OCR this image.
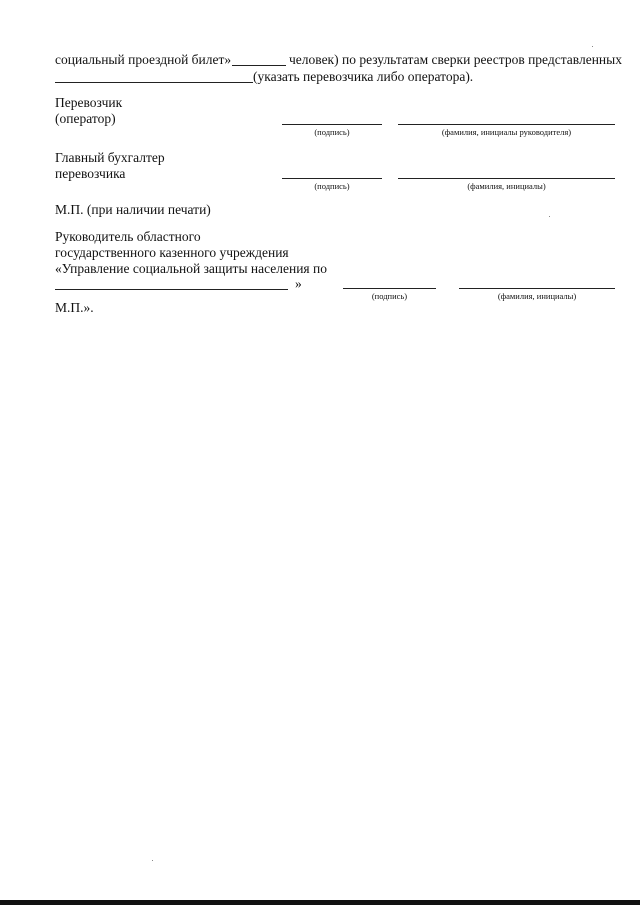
социальный проездной билет»	человек) по результатам сверки реестров представленных
(указать перевозчика либо оператора).
Перевозчик
(оператор)
(подпись)	(фамилия, инициалы руководителя)
Главный бухгалтер
перевозчика
(подпись)	(фамилия, инициалы)
М.П. (при наличии печати)
Руководитель областного
государственного казенного учреждения
«Управление социальной защиты населения по
»
(подпись)	(фамилия, инициалы)
М.П.».
